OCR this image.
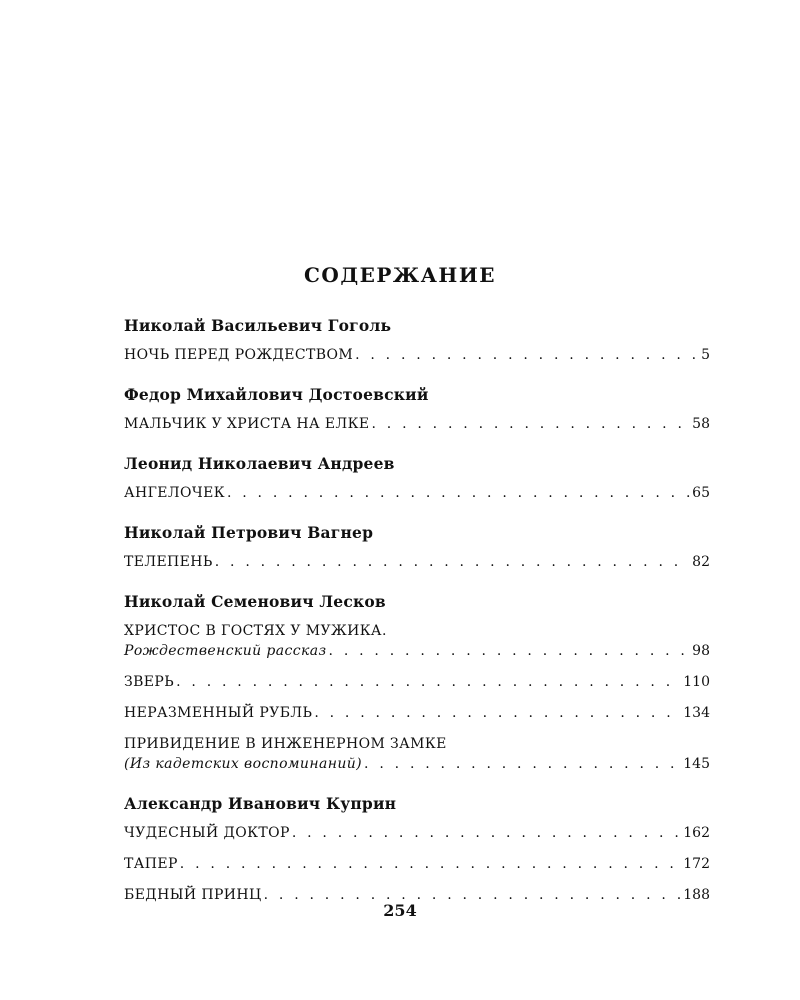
СОДЕРЖАНИЕ
Николай Васильевич Гоголь
НОЧЬ ПЕРЕД РОЖДЕСТВОМ . . .	5
Федор Михайлович Достоевский
МАЛЬЧИК У ХРИСТА НА ЕЛКЕ . . .	58
Леонид Николаевич Андреев
АНГЕЛОЧЕК . . .	65
Николай Петрович Вагнер
ТЕЛЕПЕНЬ . . .	82
Николай Семенович Лесков
ХРИСТОС В ГОСТЯХ У МУЖИКА.
Рождественский рассказ . . .	98
ЗВЕРЬ . . .	110
НЕРАЗМЕННЫЙ РУБЛЬ . . .	134
ПРИВИДЕНИЕ В ИНЖЕНЕРНОМ ЗАМКЕ
(Из кадетских воспоминаний) . . .	145
Александр Иванович Куприн
ЧУДЕСНЫЙ ДОКТОР . . .	162
ТАПЕР . . .	172
БЕДНЫЙ ПРИНЦ . . .	188
254
